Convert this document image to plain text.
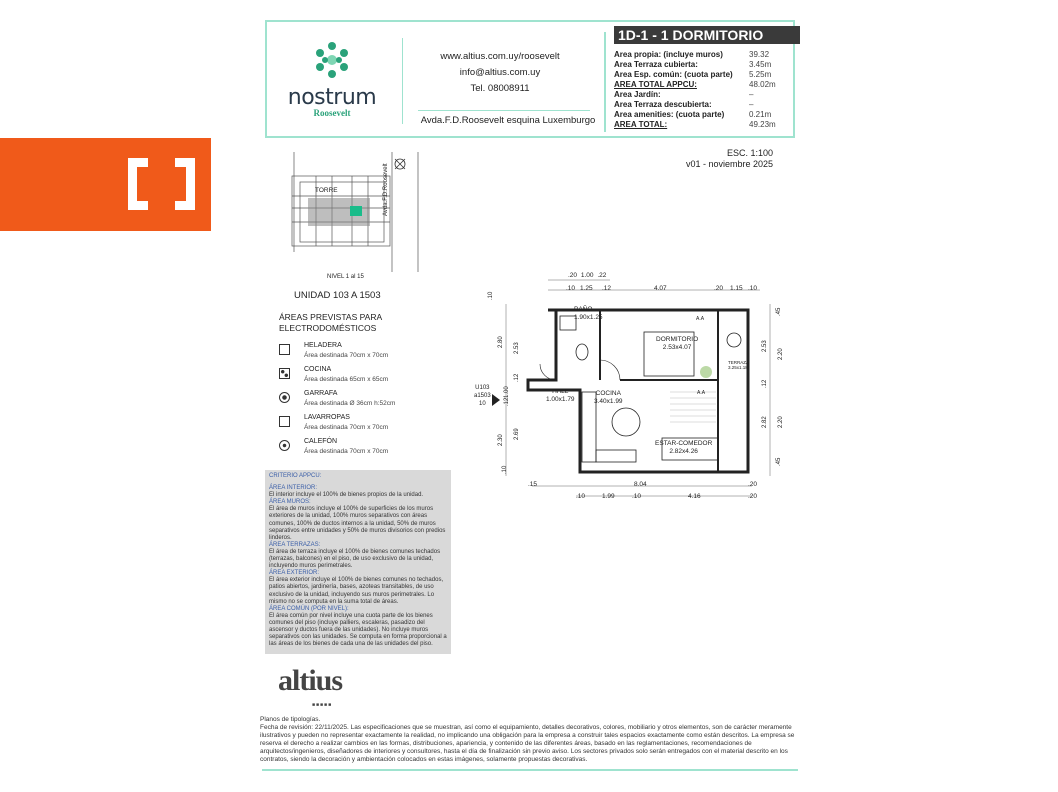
nostrum
Roosevelt
www.altius.com.uy/roosevelt
info@altius.com.uy
Tel. 08008911
Avda.F.D.Roosevelt esquina Luxemburgo
1D-1 - 1 DORMITORIO
Area propia: (incluye muros)	39.32
Area Terraza cubierta:	3.45m
Area Esp. común: (cuota parte) 5.25m
AREA TOTAL APPCU:	48.02m
Area Jardín:	–
Area Terraza descubierta:	–
Area amenities: (cuota parte)	0.21m
AREA TOTAL:	49.23m
ESC. 1:100
v01 - noviembre 2025
TORRE	Avda.F.D.Roosevelt
NIVEL 1 al 15
UNIDAD 103 A 1503
ÁREAS PREVISTAS PARA ELECTRODOMÉSTICOS
HELADERA
Área destinada 70cm x 70cm
COCINA
Área destinada 65cm x 65cm
GARRAFA
Área destinada Ø 36cm h:52cm
LAVARROPAS
Área destinada 70cm x 70cm
CALEFÓN
Área destinada 70cm x 70cm
CRITERIO APPCU:
ÁREA INTERIOR:
El interior incluye el 100% de bienes propios de la unidad.
ÁREA MUROS:
El área de muros incluye el 100% de superficies de los muros exteriores de la unidad, 100% muros separativos con áreas comunes, 100% de ductos internos a la unidad, 50% de muros separativos entre unidades y 50% de muros divisorios con predios linderos.
ÁREA TERRAZAS:
El área de terraza incluye el 100% de bienes comunes techados (terrazas, balcones) en el piso, de uso exclusivo de la unidad, incluyendo muros perimetrales.
ÁREA EXTERIOR:
El área exterior incluye el 100% de bienes comunes no techados, patios abiertos, jardinería, bases, azoteas transitables, de uso exclusivo de la unidad, incluyendo sus muros perimetrales. Lo mismo no se computa en la suma total de áreas.
ÁREA COMÚN (POR NIVEL):
El área común por nivel incluye una cuota parte de los bienes comunes del piso (incluye palliers, escaleras, pasadizo del ascensor y ductos fuera de las unidades). No incluye muros separativos con las unidades. Se computa en forma proporcional a las áreas de los bienes de cada una de las unidades del piso.
BAÑO
1.90x1.25
DORMITORIO
2.53x4.07
HALL
1.00x1.79
COCINA
3.40x1.99
ESTAR-COMEDOR
2.82x4.26
TERRAZA
3.25x1.18
A.A
A.A
U103
a1503
10
.20 1.00 .22
.10 1.25 .12	4.07	.20 1.15 .10
.15	8.04	.20
.10	1.99	.10	4.16	.20
.10
2.80
2.53
.12
1.00
.12
2.69
2.30
.10
.45
2.53
2.20
.12
2.82 2.20
.45
altius
■■■■■
Planos de tipologías.
Fecha de revisión: 22/11/2025. Las especificaciones que se muestran, así como el equipamiento, detalles decorativos, colores, mobiliario y otros elementos, son de carácter meramente ilustrativos y pueden no representar exactamente la realidad, no implicando una obligación para la empresa a construir tales espacios exactamente como están descritos. La empresa se reserva el derecho a realizar cambios en las formas, distribuciones, apariencia, y contenido de las diferentes áreas, basado en las reglamentaciones, recomendaciones de arquitectos/ingenieros, diseñadores de interiores y consultores, hasta el día de finalización sin previo aviso. Los sectores privados solo serán entregados con el material descrito en los contratos, siendo la decoración y ambientación colocados en estas imágenes, solamente propuestas decorativas.
